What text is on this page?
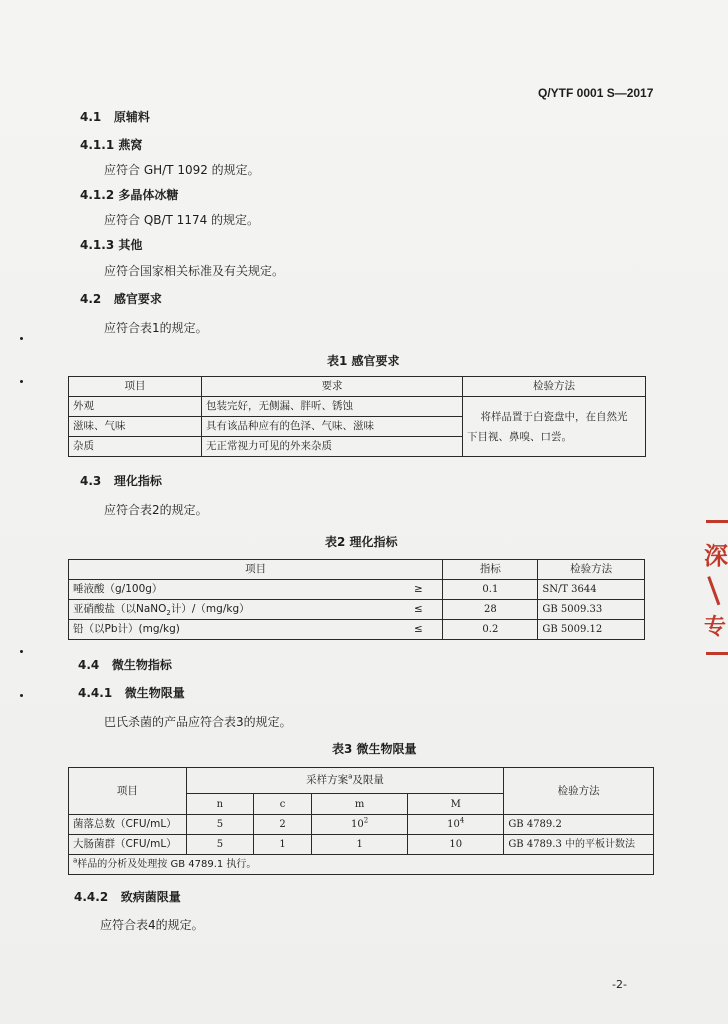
Q/YTF 0001 S—2017
4.1 原辅料
4.1.1 燕窝
应符合 GH/T 1092 的规定。
4.1.2 多晶体冰糖
应符合 QB/T 1174 的规定。
4.1.3 其他
应符合国家相关标准及有关规定。
4.2 感官要求
应符合表1的规定。
表1 感官要求
项目	要求	检验方法
外观	包装完好，无侧漏、胖听、锈蚀	将样品置于白瓷盘中，在自然光
下目视、鼻嗅、口尝。

滋味、气味	具有该品种应有的色泽、气味、滋味	
杂质	无正常视力可见的外来杂质	
4.3 理化指标
应符合表2的规定。
表2 理化指标
项目		指标	检验方法
唾液酸（g/100g）	≥	0.1	SN/T 3644
亚硝酸盐（以NaNO$_2$计）/（mg/kg）	≤	28	GB 5009.33
铅（以Pb计）(mg/kg)	≤	0.2	GB 5009.12
4.4 微生物指标
4.4.1 微生物限量
巴氏杀菌的产品应符合表3的规定。
表3 微生物限量
项目	采样方案$^a$及限量				检验方法
	n	c	m	M	
菌落总数（CFU/mL）	5	2	$10^2$	$10^4$	GB 4789.2
大肠菌群（CFU/mL）	5	1	1	10	GB 4789.3 中的平板计数法
$^a$样品的分析及处理按 GB 4789.1 执行。					
4.4.2 致病菌限量
应符合表4的规定。
-2-
深
专
